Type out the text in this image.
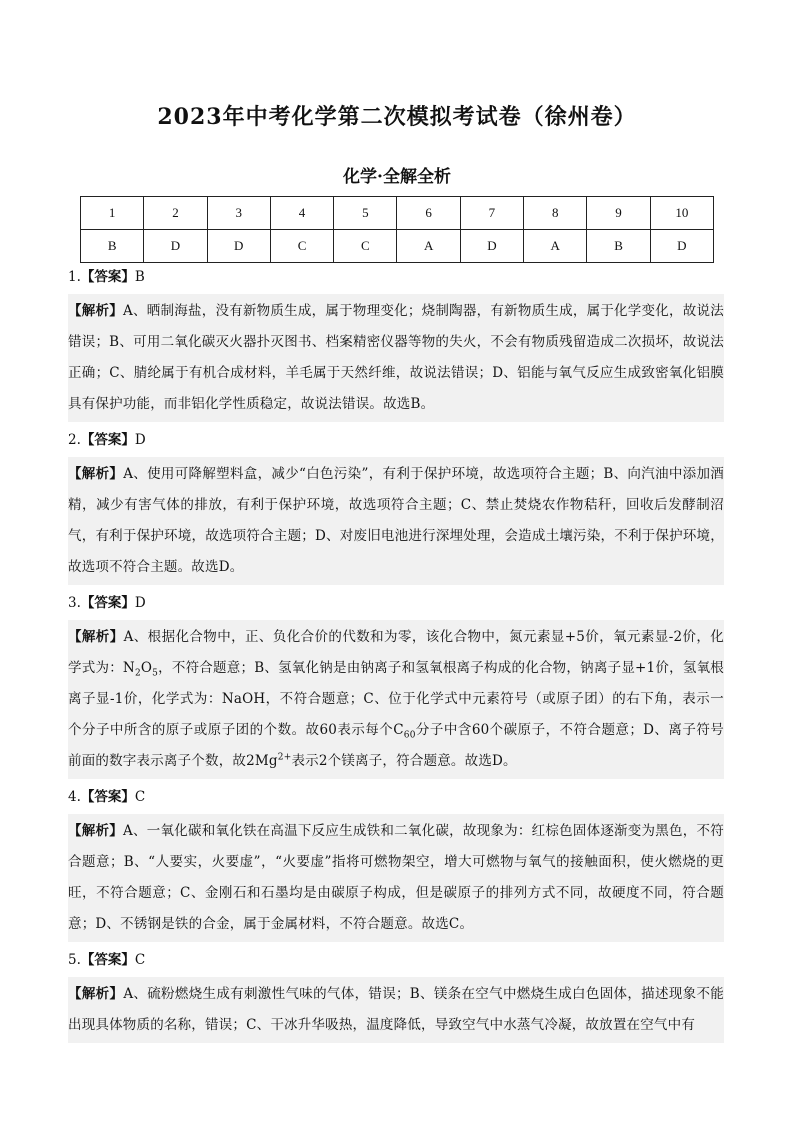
2023年中考化学第二次模拟考试卷（徐州卷）
化学·全解全析
1	2	3	4	5	6	7	8	9	10
B	D	D	C	C	A	D	A	B	D
1.【答案】B
【解析】A、晒制海盐，没有新物质生成，属于物理变化；烧制陶器，有新物质生成，属于化学变化，故说法错误；B、可用二氧化碳灭火器扑灭图书、档案精密仪器等物的失火，不会有物质残留造成二次损坏，故说法正确；C、腈纶属于有机合成材料，羊毛属于天然纤维，故说法错误；D、铝能与氧气反应生成致密氧化铝膜具有保护功能，而非铝化学性质稳定，故说法错误。故选B。
2.【答案】D
【解析】A、使用可降解塑料盒，减少“白色污染”，有利于保护环境，故选项符合主题；B、向汽油中添加酒精，减少有害气体的排放，有利于保护环境，故选项符合主题；C、禁止焚烧农作物秸秆，回收后发酵制沼气，有利于保护环境，故选项符合主题；D、对废旧电池进行深埋处理，会造成土壤污染，不利于保护环境，故选项不符合主题。故选D。
3.【答案】D
【解析】A、根据化合物中，正、负化合价的代数和为零，该化合物中，氮元素显+5价，氧元素显-2价，化学式为：$N_2O_5$，不符合题意；B、氢氧化钠是由钠离子和氢氧根离子构成的化合物，钠离子显+1价，氢氧根离子显-1价，化学式为：NaOH，不符合题意；C、位于化学式中元素符号（或原子团）的右下角，表示一个分子中所含的原子或原子团的个数。故60表示每个$C_{60}$分子中含60个碳原子，不符合题意；D、离子符号前面的数字表示离子个数，故$2Mg^{2+}$表示2个镁离子，符合题意。故选D。
4.【答案】C
【解析】A、一氧化碳和氧化铁在高温下反应生成铁和二氧化碳，故现象为：红棕色固体逐渐变为黑色，不符合题意；B、“人要实，火要虚”，“火要虚”指将可燃物架空，增大可燃物与氧气的接触面积，使火燃烧的更旺，不符合题意；C、金刚石和石墨均是由碳原子构成，但是碳原子的排列方式不同，故硬度不同，符合题意；D、不锈钢是铁的合金，属于金属材料，不符合题意。故选C。
5.【答案】C
【解析】A、硫粉燃烧生成有刺激性气味的气体，错误；B、镁条在空气中燃烧生成白色固体，描述现象不能出现具体物质的名称，错误；C、干冰升华吸热，温度降低，导致空气中水蒸气冷凝，故放置在空气中有
